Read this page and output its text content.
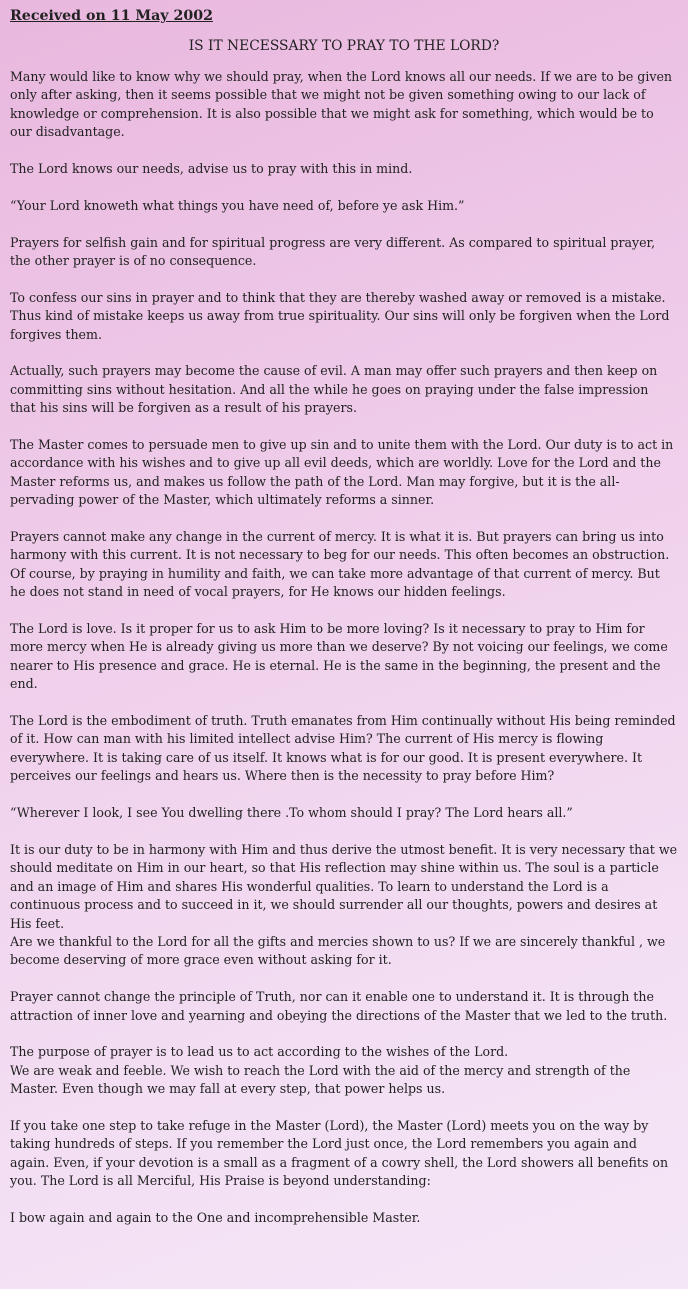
Received on 11 May 2002
IS IT NECESSARY TO PRAY TO THE LORD?

Many would like to know why we should pray, when the Lord knows all our needs. If we are to be given only after asking, then it seems possible that we might not be given something owing to our lack of knowledge or comprehension. It is also possible that we might ask for something, which would be to our disadvantage.

The Lord knows our needs, advise us to pray with this in mind.

“Your Lord knoweth what things you have need of, before ye ask Him.”

Prayers for selfish gain and for spiritual progress are very different. As compared to spiritual prayer, the other prayer is of no consequence.

To confess our sins in prayer and to think that they are thereby washed away or removed is a mistake. Thus kind of mistake keeps us away from true spirituality. Our sins will only be forgiven when the Lord forgives them.

Actually, such prayers may become the cause of evil. A man may offer such prayers and then keep on committing sins without hesitation. And all the while he goes on praying under the false impression that his sins will be forgiven as a result of his prayers.

The Master comes to persuade men to give up sin and to unite them with the Lord. Our duty is to act in accordance with his wishes and to give up all evil deeds, which are worldly. Love for the Lord and the Master reforms us, and makes us follow the path of the Lord. Man may forgive, but it is the all-pervading power of the Master, which ultimately reforms a sinner.

Prayers cannot make any change in the current of mercy. It is what it is. But prayers can bring us into harmony with this current. It is not necessary to beg for our needs. This often becomes an obstruction. Of course, by praying in humility and faith, we can take more advantage of that current of mercy. But he does not stand in need of vocal prayers, for He knows our hidden feelings.

The Lord is love. Is it proper for us to ask Him to be more loving? Is it necessary to pray to Him for more mercy when He is already giving us more than we deserve? By not voicing our feelings, we come nearer to His presence and grace. He is eternal. He is the same in the beginning, the present and the end.

The Lord is the embodiment of truth. Truth emanates from Him continually without His being reminded of it. How can man with his limited intellect advise Him? The current of His mercy is flowing everywhere. It is taking care of us itself. It knows what is for our good. It is present everywhere. It perceives our feelings and hears us. Where then is the necessity to pray before Him?

“Wherever I look, I see You dwelling there .To whom should I pray? The Lord hears all.”

It is our duty to be in harmony with Him and thus derive the utmost benefit. It is very necessary that we should meditate on Him in our heart, so that His reflection may shine within us. The soul is a particle and an image of Him and shares His wonderful qualities. To learn to understand the Lord is a continuous process and to succeed in it, we should surrender all our thoughts, powers and desires at His feet.

Are we thankful to the Lord for all the gifts and mercies shown to us? If we are sincerely thankful , we become deserving of more grace even without asking for it.

Prayer cannot change the principle of Truth, nor can it enable one to understand it. It is through the attraction of inner love and yearning and obeying the directions of the Master that we led to the truth.

The purpose of prayer is to lead us to act according to the wishes of the Lord.

We are weak and feeble. We wish to reach the Lord with the aid of the mercy and strength of the Master. Even though we may fall at every step, that power helps us.

If you take one step to take refuge in the Master (Lord), the Master (Lord) meets you on the way by taking hundreds of steps. If you remember the Lord just once, the Lord remembers you again and again. Even, if your devotion is a small as a fragment of a cowry shell, the Lord showers all benefits on you. The Lord is all Merciful, His Praise is beyond understanding:

I bow again and again to the One and incomprehensible Master.
